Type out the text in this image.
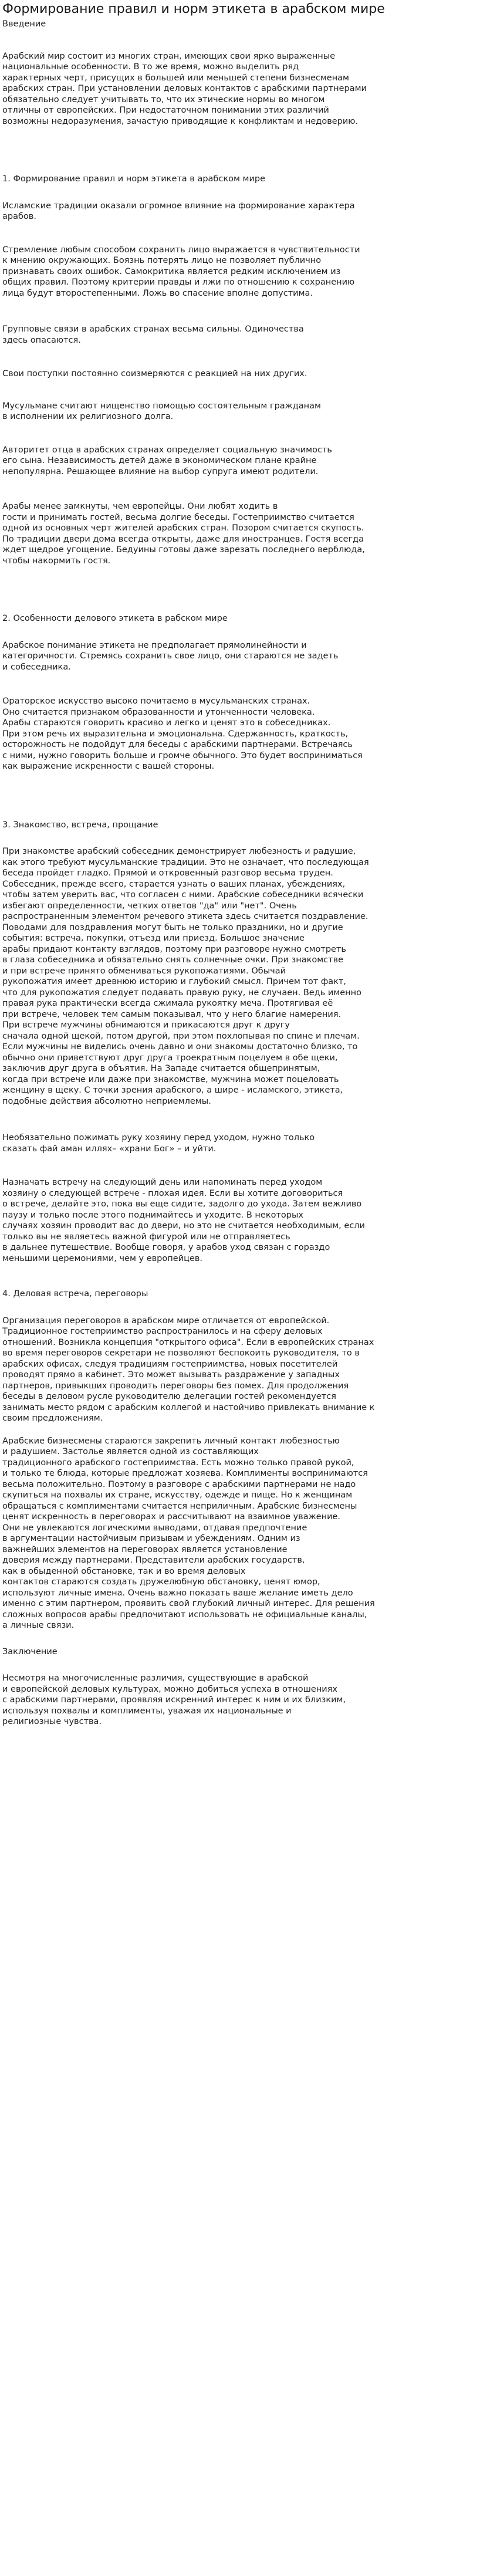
Формирование правил и норм этикета в арабском мире
Введение
Арабский мир состоит из многих стран, имеющих свои ярко выраженные
национальные особенности. В то же время, можно выделить ряд
характерных черт, присущих в большей или меньшей степени бизнесменам
арабских стран. При установлении деловых контактов с арабскими партнерами
обязательно следует учитывать то, что их этические нормы во многом
отличны от европейских. При недостаточном понимании этих различий
возможны недоразумения, зачастую приводящие к конфликтам и недоверию.
1. Формирование правил и норм этикета в арабском мире
Исламские традиции оказали огромное влияние на формирование характера
арабов.
Стремление любым способом сохранить лицо выражается в чувствительности
к мнению окружающих. Боязнь потерять лицо не позволяет публично
признавать своих ошибок. Самокритика является редким исключением из
общих правил. Поэтому критерии правды и лжи по отношению к сохранению
лица будут второстепенными. Ложь во спасение вполне допустима.
Групповые связи в арабских странах весьма сильны. Одиночества
здесь опасаются.
Свои поступки постоянно соизмеряются с реакцией на них других.
Мусульмане считают нищенство помощью состоятельным гражданам
в исполнении их религиозного долга.
Авторитет отца в арабских странах определяет социальную значимость
его сына. Независимость детей даже в экономическом плане крайне
непопулярна. Решающее влияние на выбор супруга имеют родители.
Арабы менее замкнуты, чем европейцы. Они любят ходить в
гости и принимать гостей, весьма долгие беседы. Гостеприимство считается
одной из основных черт жителей арабских стран. Позором считается скупость.
По традиции двери дома всегда открыты, даже для иностранцев. Гостя всегда
ждет щедрое угощение. Бедуины готовы даже зарезать последнего верблюда,
чтобы накормить гостя.
2. Особенности делового этикета в рабском мире
Арабское понимание этикета не предполагает прямолинейности и
категоричности. Стремясь сохранить свое лицо, они стараются не задеть
и собеседника.
Ораторское искусство высоко почитаемо в мусульманских странах.
Оно считается признаком образованности и утонченности человека.
Арабы стараются говорить красиво и легко и ценят это в собеседниках.
При этом речь их выразительна и эмоциональна. Сдержанность, краткость,
осторожность не подойдут для беседы с арабскими партнерами. Встречаясь
с ними, нужно говорить больше и громче обычного. Это будет восприниматься
как выражение искренности с вашей стороны.
3. Знакомство, встреча, прощание
При знакомстве арабский собеседник демонстрирует любезность и радушие,
как этого требуют мусульманские традиции. Это не означает, что последующая
беседа пройдет гладко. Прямой и откровенный разговор весьма труден.
Собеседник, прежде всего, старается узнать о ваших планах, убеждениях,
чтобы затем уверить вас, что согласен с ними. Арабские собеседники всячески
избегают определенности, четких ответов "да" или "нет". Очень
распространенным элементом речевого этикета здесь считается поздравление.
Поводами для поздравления могут быть не только праздники, но и другие
события: встреча, покупки, отъезд или приезд. Большое значение
арабы придают контакту взглядов, поэтому при разговоре нужно смотреть
в глаза собеседника и обязательно снять солнечные очки. При знакомстве
и при встрече принято обмениваться рукопожатиями. Обычай
рукопожатия имеет древнюю историю и глубокий смысл. Причем тот факт,
что для рукопожатия следует подавать правую руку, не случаен. Ведь именно
правая рука практически всегда сжимала рукоятку меча. Протягивая её
при встрече, человек тем самым показывал, что у него благие намерения.
При встрече мужчины обнимаются и прикасаются друг к другу
сначала одной щекой, потом другой, при этом похлопывая по спине и плечам.
Если мужчины не виделись очень давно и они знакомы достаточно близко, то
обычно они приветствуют друг друга троекратным поцелуем в обе щеки,
заключив друг друга в объятия. На Западе считается общепринятым,
когда при встрече или даже при знакомстве, мужчина может поцеловать
женщину в щеку. С точки зрения арабского, а шире - исламского, этикета,
подобные действия абсолютно неприемлемы.
Необязательно пожимать руку хозяину перед уходом, нужно только
сказать фай аман иллях– «храни Бог» – и уйти.
Назначать встречу на следующий день или напоминать перед уходом
хозяину о следующей встрече - плохая идея. Если вы хотите договориться
о встрече, делайте это, пока вы еще сидите, задолго до ухода. Затем вежливо
паузу и только после этого поднимайтесь и уходите. В некоторых
случаях хозяин проводит вас до двери, но это не считается необходимым, если
только вы не являетесь важной фигурой или не отправляетесь
в дальнее путешествие. Вообще говоря, у арабов уход связан с гораздо
меньшими церемониями, чем у европейцев.
4. Деловая встреча, переговоры
Организация переговоров в арабском мире отличается от европейской.
Традиционное гостеприимство распространилось и на сферу деловых
отношений. Возникла концепция "открытого офиса". Если в европейских странах
во время переговоров секретари не позволяют беспокоить руководителя, то в
арабских офисах, следуя традициям гостеприимства, новых посетителей
проводят прямо в кабинет. Это может вызывать раздражение у западных
партнеров, привыкших проводить переговоры без помех. Для продолжения
беседы в деловом русле руководителю делегации гостей рекомендуется
занимать место рядом с арабским коллегой и настойчиво привлекать внимание к
своим предложениям.
Арабские бизнесмены стараются закрепить личный контакт любезностью
и радушием. Застолье является одной из составляющих
традиционного арабского гостеприимства. Есть можно только правой рукой,
и только те блюда, которые предложат хозяева. Комплименты воспринимаются
весьма положительно. Поэтому в разговоре с арабскими партнерами не надо
скупиться на похвалы их стране, искусству, одежде и пище. Но к женщинам
обращаться с комплиментами считается неприличным. Арабские бизнесмены
ценят искренность в переговорах и рассчитывают на взаимное уважение.
Они не увлекаются логическими выводами, отдавая предпочтение
в аргументации настойчивым призывам и убеждениям. Одним из
важнейших элементов на переговорах является установление
доверия между партнерами. Представители арабских государств,
как в обыденной обстановке, так и во время деловых
контактов стараются создать дружелюбную обстановку, ценят юмор,
используют личные имена. Очень важно показать ваше желание иметь дело
именно с этим партнером, проявить свой глубокий личный интерес. Для решения
сложных вопросов арабы предпочитают использовать не официальные каналы,
а личные связи.
Заключение
Несмотря на многочисленные различия, существующие в арабской
и европейской деловых культурах, можно добиться успеха в отношениях
с арабскими партнерами, проявляя искренний интерес к ним и их близким,
используя похвалы и комплименты, уважая их национальные и
религиозные чувства.
